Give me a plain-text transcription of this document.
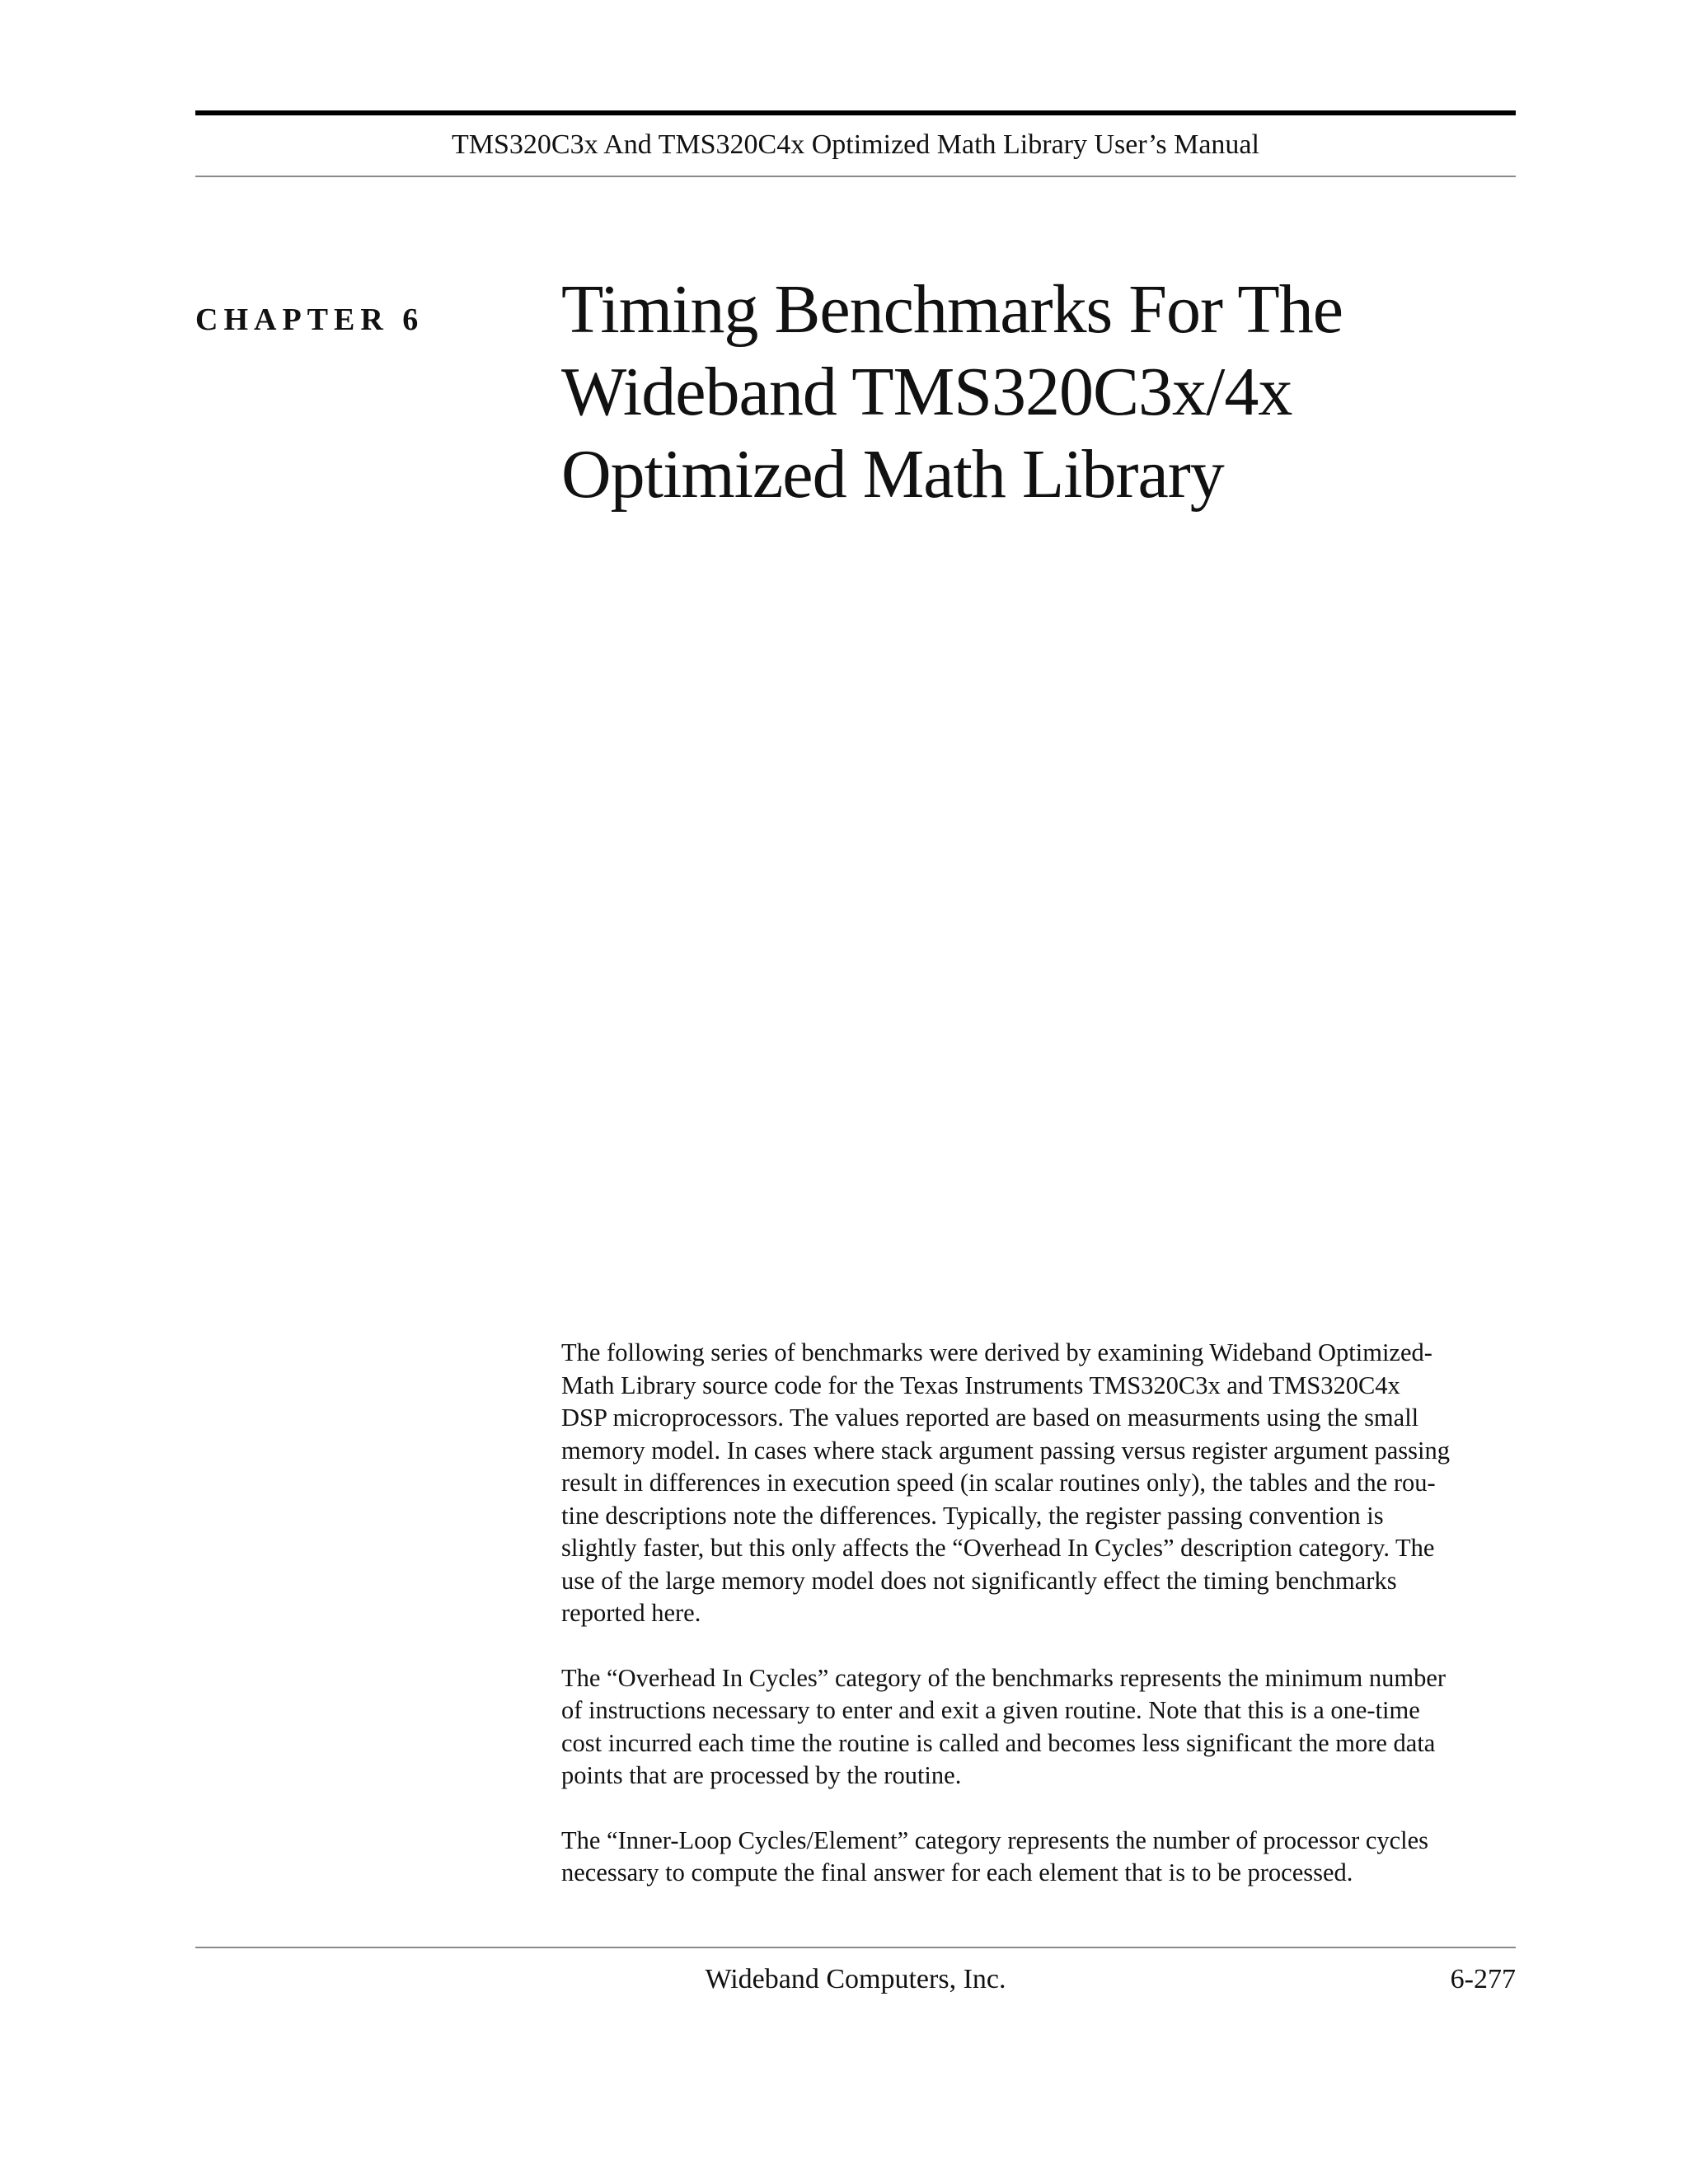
TMS320C3x And TMS320C4x Optimized Math Library User’s Manual
CHAPTER 6 Timing Benchmarks For The
Wideband TMS320C3x/4x
Optimized Math Library

The following series of benchmarks were derived by examining Wideband Optimized-
Math Library source code for the Texas Instruments TMS320C3x and TMS320C4x
DSP microprocessors. The values reported are based on measurments using the small
memory model. In cases where stack argument passing versus register argument passing
result in differences in execution speed (in scalar routines only), the tables and the rou-
tine descriptions note the differences. Typically, the register passing convention is
slightly faster, but this only affects the “Overhead In Cycles” description category. The
use of the large memory model does not significantly effect the timing benchmarks
reported here.

The “Overhead In Cycles” category of the benchmarks represents the minimum number
of instructions necessary to enter and exit a given routine. Note that this is a one-time
cost incurred each time the routine is called and becomes less significant the more data
points that are processed by the routine.

The “Inner-Loop Cycles/Element” category represents the number of processor cycles
necessary to compute the final answer for each element that is to be processed.

Wideband Computers, Inc.	6-277
